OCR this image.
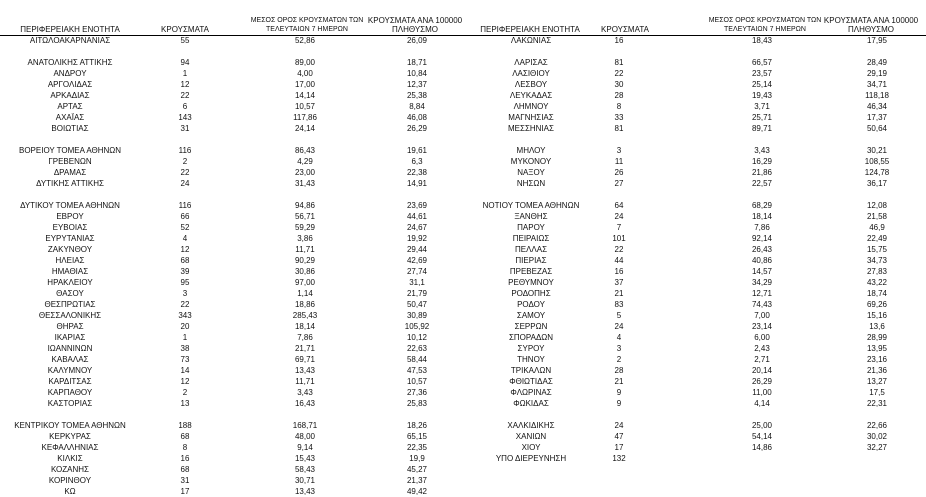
ΠΕΡΙΦΕΡΕΙΑΚΗ ΕΝΟΤΗΤΑ	ΚΡΟΥΣΜΑΤΑ
ΜΕΣΟΣ ΟΡΟΣ ΚΡΟΥΣΜΑΤΩΝ ΤΩΝ
ΤΕΛΕΥΤΑΙΩΝ 7 ΗΜΕΡΩΝ
ΚΡΟΥΣΜΑΤΑ ΑΝΑ 100000
ΠΛΗΘΥΣΜΟ	ΠΕΡΙΦΕΡΕΙΑΚΗ ΕΝΟΤΗΤΑ	ΚΡΟΥΣΜΑΤΑ
ΜΕΣΟΣ ΟΡΟΣ ΚΡΟΥΣΜΑΤΩΝ ΤΩΝ
ΤΕΛΕΥΤΑΙΩΝ 7 ΗΜΕΡΩΝ
ΚΡΟΥΣΜΑΤΑ ΑΝΑ 100000
ΠΛΗΘΥΣΜΟ
ΑΙΤΩΛΟΑΚΑΡΝΑΝΙΑΣ	55	52,86	26,09
ΑΝΑΤΟΛΙΚΗΣ ΑΤΤΙΚΗΣ	94	89,00	18,71
ΑΝΔΡΟΥ	1	4,00	10,84
ΑΡΓΟΛΙΔΑΣ	12	17,00	12,37
ΑΡΚΑΔΙΑΣ	22	14,14	25,38
ΑΡΤΑΣ	6	10,57	8,84
ΑΧΑΪΑΣ	143	117,86	46,08
ΒΟΙΩΤΙΑΣ	31	24,14	26,29
ΒΟΡΕΙΟΥ ΤΟΜΕΑ ΑΘΗΝΩΝ	116	86,43	19,61
ΓΡΕΒΕΝΩΝ	2	4,29	6,3
ΔΡΑΜΑΣ	22	23,00	22,38
ΔΥΤΙΚΗΣ ΑΤΤΙΚΗΣ	24	31,43	14,91
ΔΥΤΙΚΟΥ ΤΟΜΕΑ ΑΘΗΝΩΝ	116	94,86	23,69
ΕΒΡΟΥ	66	56,71	44,61
ΕΥΒΟΙΑΣ	52	59,29	24,67
ΕΥΡΥΤΑΝΙΑΣ	4	3,86	19,92
ΖΑΚΥΝΘΟΥ	12	11,71	29,44
ΗΛΕΙΑΣ	68	90,29	42,69
ΗΜΑΘΙΑΣ	39	30,86	27,74
ΗΡΑΚΛΕΙΟΥ	95	97,00	31,1
ΘΑΣΟΥ	3	1,14	21,79
ΘΕΣΠΡΩΤΙΑΣ	22	18,86	50,47
ΘΕΣΣΑΛΟΝΙΚΗΣ	343	285,43	30,89
ΘΗΡΑΣ	20	18,14	105,92
ΙΚΑΡΙΑΣ	1	7,86	10,12
ΙΩΑΝΝΙΝΩΝ	38	21,71	22,63
ΚΑΒΑΛΑΣ	73	69,71	58,44
ΚΑΛΥΜΝΟΥ	14	13,43	47,53
ΚΑΡΔΙΤΣΑΣ	12	11,71	10,57
ΚΑΡΠΑΘΟΥ	2	3,43	27,36
ΚΑΣΤΟΡΙΑΣ	13	16,43	25,83
ΚΕΝΤΡΙΚΟΥ ΤΟΜΕΑ ΑΘΗΝΩΝ	188	168,71	18,26
ΚΕΡΚΥΡΑΣ	68	48,00	65,15
ΚΕΦΑΛΛΗΝΙΑΣ	8	9,14	22,35
ΚΙΛΚΙΣ	16	15,43	19,9
ΚΟΖΑΝΗΣ	68	58,43	45,27
ΚΟΡΙΝΘΟΥ	31	30,71	21,37
ΚΩ	17	13,43	49,42
ΛΑΚΩΝΙΑΣ	16	18,43	17,95
ΛΑΡΙΣΑΣ	81	66,57	28,49
ΛΑΣΙΘΙΟΥ	22	23,57	29,19
ΛΕΣΒΟΥ	30	25,14	34,71
ΛΕΥΚΑΔΑΣ	28	19,43	118,18
ΛΗΜΝΟΥ	8	3,71	46,34
ΜΑΓΝΗΣΙΑΣ	33	25,71	17,37
ΜΕΣΣΗΝΙΑΣ	81	89,71	50,64
ΜΗΛΟΥ	3	3,43	30,21
ΜΥΚΟΝΟΥ	11	16,29	108,55
ΝΑΞΟΥ	26	21,86	124,78
ΝΗΣΩΝ	27	22,57	36,17
ΝΟΤΙΟΥ ΤΟΜΕΑ ΑΘΗΝΩΝ	64	68,29	12,08
ΞΑΝΘΗΣ	24	18,14	21,58
ΠΑΡΟΥ	7	7,86	46,9
ΠΕΙΡΑΙΩΣ	101	92,14	22,49
ΠΕΛΛΑΣ	22	26,43	15,75
ΠΙΕΡΙΑΣ	44	40,86	34,73
ΠΡΕΒΕΖΑΣ	16	14,57	27,83
ΡΕΘΥΜΝΟΥ	37	34,29	43,22
ΡΟΔΟΠΗΣ	21	12,71	18,74
ΡΟΔΟΥ	83	74,43	69,26
ΣΑΜΟΥ	5	7,00	15,16
ΣΕΡΡΩΝ	24	23,14	13,6
ΣΠΟΡΑΔΩΝ	4	6,00	28,99
ΣΥΡΟΥ	3	2,43	13,95
ΤΗΝΟΥ	2	2,71	23,16
ΤΡΙΚΑΛΩΝ	28	20,14	21,36
ΦΘΙΩΤΙΔΑΣ	21	26,29	13,27
ΦΛΩΡΙΝΑΣ	9	11,00	17,5
ΦΩΚΙΔΑΣ	9	4,14	22,31
ΧΑΛΚΙΔΙΚΗΣ	24	25,00	22,66
ΧΑΝΙΩΝ	47	54,14	30,02
ΧΙΟΥ	17	14,86	32,27
ΥΠΟ ΔΙΕΡΕΥΝΗΣΗ	132
